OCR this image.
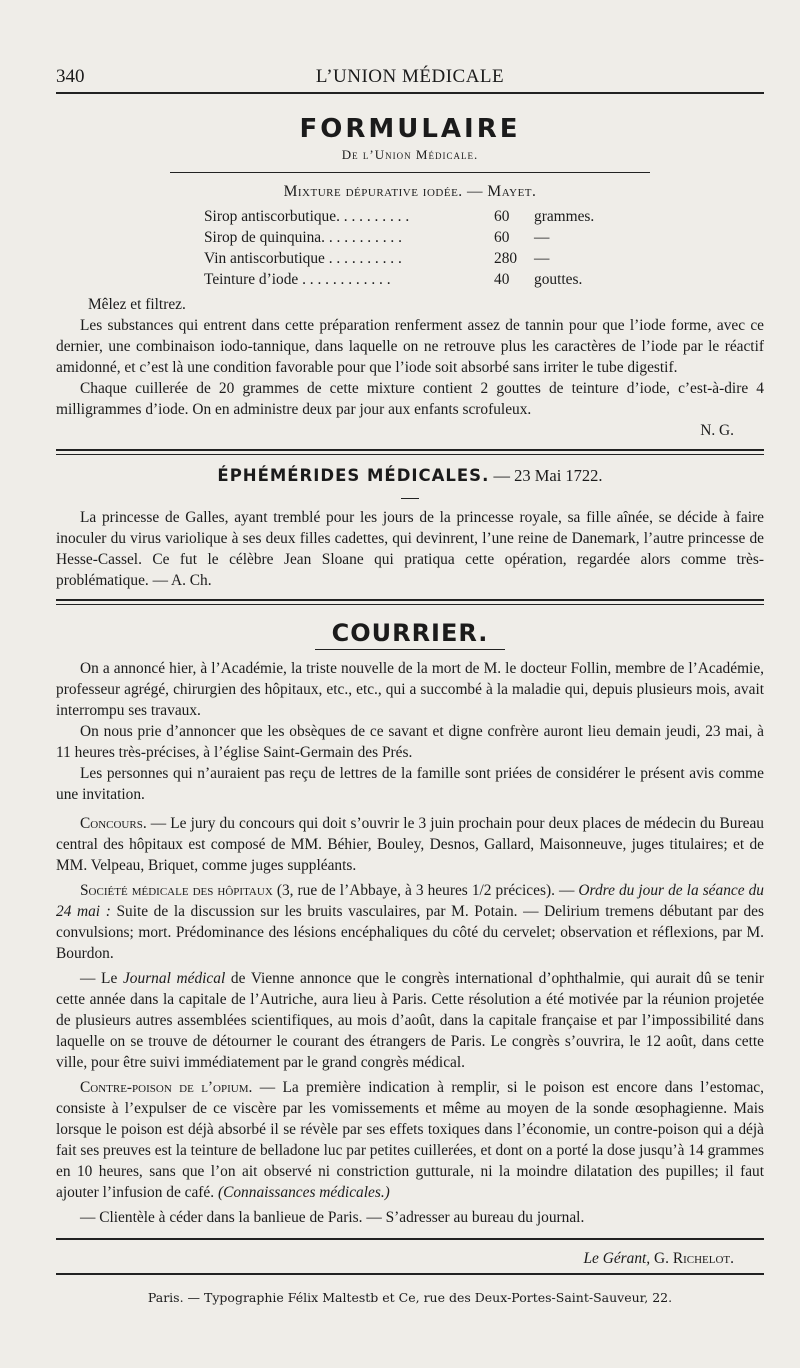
340	L’UNION MÉDICALE
FORMULAIRE
De l’Union Médicale.
Mixture dépurative iodée. — Mayet.
Sirop antiscorbutique. . . . . . . . . .	60	grammes.
Sirop de quinquina. . . . . . . . . . .	60	—
Vin antiscorbutique . . . . . . . . . .	280	—
Teinture d’iode . . . . . . . . . . . .	40	gouttes.
Mêlez et filtrez.

Les substances qui entrent dans cette préparation renferment assez de tannin pour que l’iode forme, avec ce dernier, une combinaison iodo-tannique, dans laquelle on ne retrouve plus les caractères de l’iode par le réactif amidonné, et c’est là une condition favorable pour que l’iode soit absorbé sans irriter le tube digestif.

Chaque cuillerée de 20 grammes de cette mixture contient 2 gouttes de teinture d’iode, c’est-à-dire 4 milligrammes d’iode. On en administre deux par jour aux enfants scrofuleux.

N. G.
ÉPHÉMÉRIDES MÉDICALES. — 23 Mai 1722.

La princesse de Galles, ayant tremblé pour les jours de la princesse royale, sa fille aînée, se décide à faire inoculer du virus variolique à ses deux filles cadettes, qui devinrent, l’une reine de Danemark, l’autre princesse de Hesse-Cassel. Ce fut le célèbre Jean Sloane qui pratiqua cette opération, regardée alors comme très-problématique. — A. Ch.

COURRIER.

On a annoncé hier, à l’Académie, la triste nouvelle de la mort de M. le docteur Follin, membre de l’Académie, professeur agrégé, chirurgien des hôpitaux, etc., etc., qui a succombé à la maladie qui, depuis plusieurs mois, avait interrompu ses travaux.

On nous prie d’annoncer que les obsèques de ce savant et digne confrère auront lieu demain jeudi, 23 mai, à 11 heures très-précises, à l’église Saint-Germain des Prés.

Les personnes qui n’auraient pas reçu de lettres de la famille sont priées de considérer le présent avis comme une invitation.

Concours. — Le jury du concours qui doit s’ouvrir le 3 juin prochain pour deux places de médecin du Bureau central des hôpitaux est composé de MM. Béhier, Bouley, Desnos, Gallard, Maisonneuve, juges titulaires; et de MM. Velpeau, Briquet, comme juges suppléants.

Société médicale des hôpitaux (3, rue de l’Abbaye, à 3 heures 1/2 précices). — Ordre du jour de la séance du 24 mai : Suite de la discussion sur les bruits vasculaires, par M. Potain. — Delirium tremens débutant par des convulsions; mort. Prédominance des lésions encéphaliques du côté du cervelet; observation et réflexions, par M. Bourdon.

— Le Journal médical de Vienne annonce que le congrès international d’ophthalmie, qui aurait dû se tenir cette année dans la capitale de l’Autriche, aura lieu à Paris. Cette résolution a été motivée par la réunion projetée de plusieurs autres assemblées scientifiques, au mois d’août, dans la capitale française et par l’impossibilité dans laquelle on se trouve de détourner le courant des étrangers de Paris. Le congrès s’ouvrira, le 12 août, dans cette ville, pour être suivi immédiatement par le grand congrès médical.

Contre-poison de l’opium. — La première indication à remplir, si le poison est encore dans l’estomac, consiste à l’expulser de ce viscère par les vomissements et même au moyen de la sonde œsophagienne. Mais lorsque le poison est déjà absorbé il se révèle par ses effets toxiques dans l’économie, un contre-poison qui a déjà fait ses preuves est la teinture de belladone luc par petites cuillerées, et dont on a porté la dose jusqu’à 14 grammes en 10 heures, sans que l’on ait observé ni constriction gutturale, ni la moindre dilatation des pupilles; il faut ajouter l’infusion de café. (Connaissances médicales.)

— Clientèle à céder dans la banlieue de Paris. — S’adresser au bureau du journal.

Le Gérant, G. Richelot.
Paris. — Typographie Félix Maltestb et Ce, rue des Deux-Portes-Saint-Sauveur, 22.
